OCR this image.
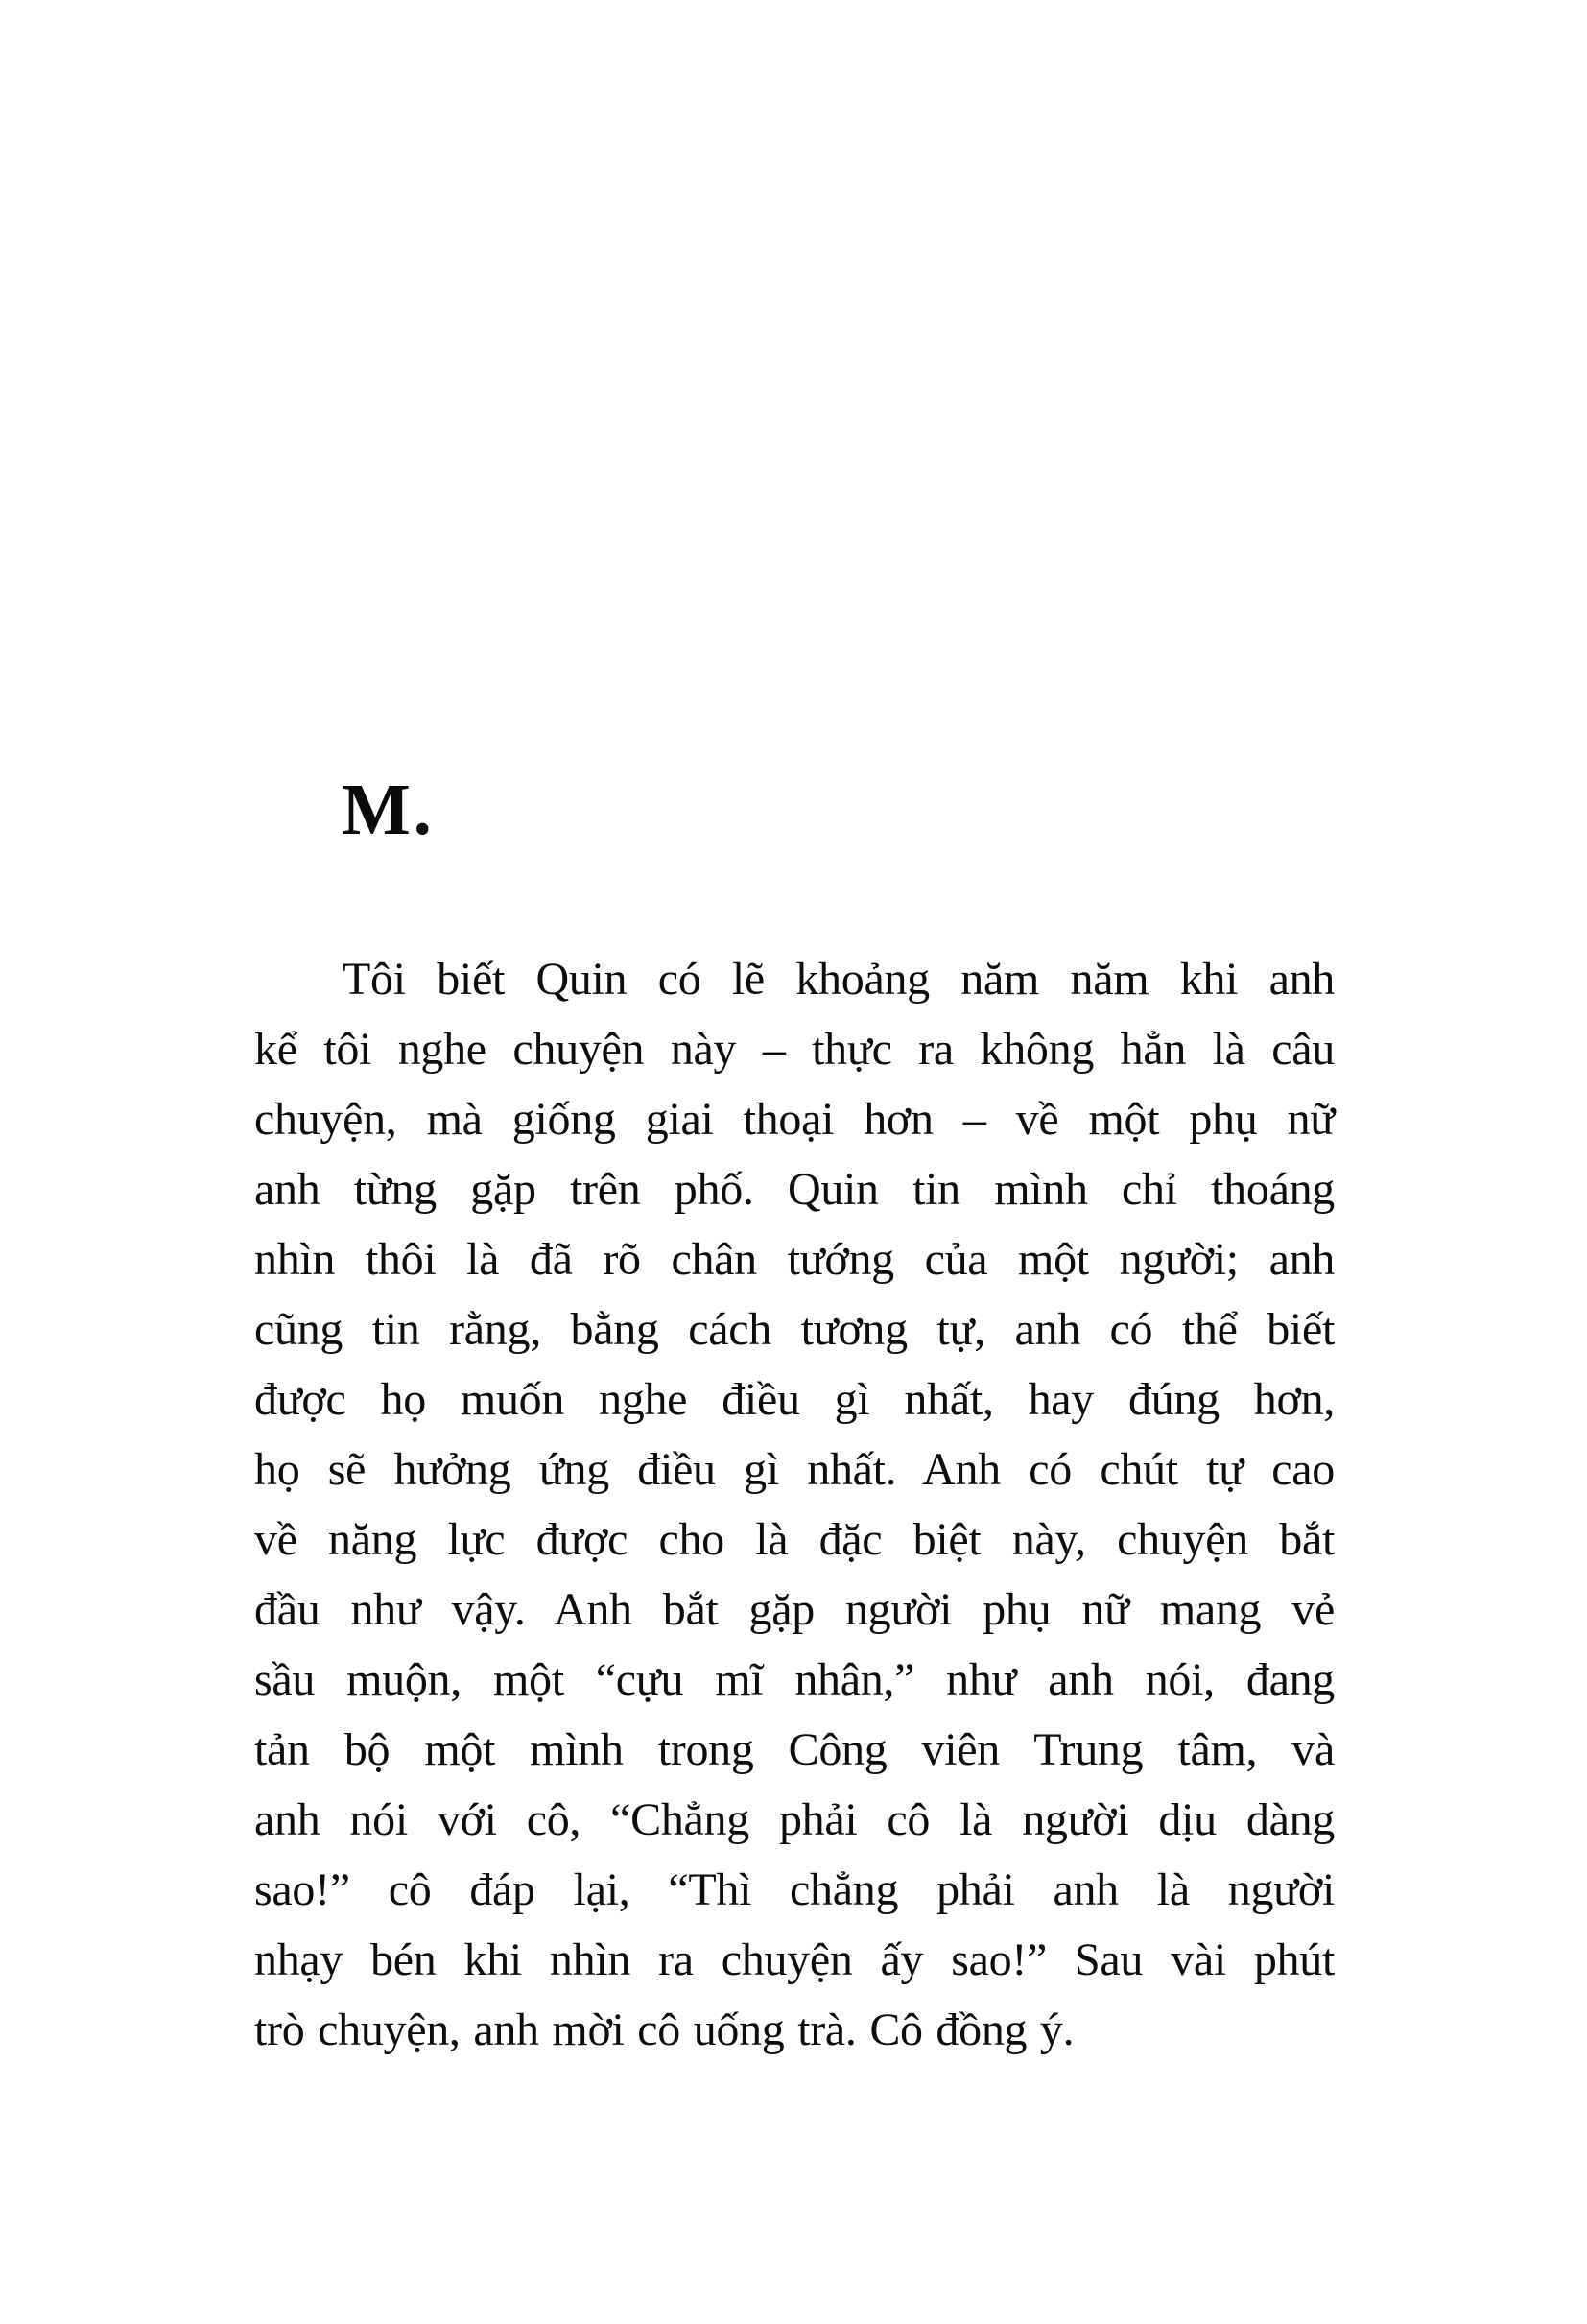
M.
Tôi biết Quin có lẽ khoảng năm năm khi anh
kể tôi nghe chuyện này – thực ra không hẳn là câu
chuyện, mà giống giai thoại hơn – về một phụ nữ
anh từng gặp trên phố. Quin tin mình chỉ thoáng
nhìn thôi là đã rõ chân tướng của một người; anh
cũng tin rằng, bằng cách tương tự, anh có thể biết
được họ muốn nghe điều gì nhất, hay đúng hơn,
họ sẽ hưởng ứng điều gì nhất. Anh có chút tự cao
về năng lực được cho là đặc biệt này, chuyện bắt
đầu như vậy. Anh bắt gặp người phụ nữ mang vẻ
sầu muộn, một “cựu mĩ nhân,” như anh nói, đang
tản bộ một mình trong Công viên Trung tâm, và
anh nói với cô, “Chẳng phải cô là người dịu dàng
sao!” cô đáp lại, “Thì chẳng phải anh là người
nhạy bén khi nhìn ra chuyện ấy sao!” Sau vài phút
trò chuyện, anh mời cô uống trà. Cô đồng ý.
